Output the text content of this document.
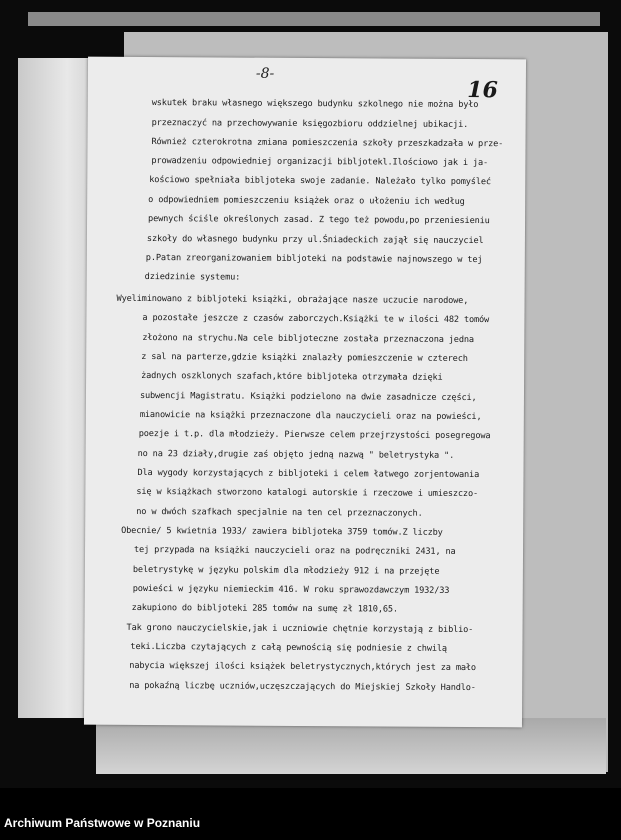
-8-
16
wskutek braku własnego większego budynku szkolnego nie można było
przeznaczyć na przechowywanie księgozbioru oddzielnej ubikacji.
Również czterokrotna zmiana pomieszczenia szkoły przeszkadzała w prze-
prowadzeniu odpowiedniej organizacji bibljotekl.Ilościowo jak i ja-
kościowo spełniała bibljoteka swoje zadanie. Należało tylko pomyśleć
o odpowiedniem pomieszczeniu książek oraz o ułożeniu ich według
pewnych ściśle określonych zasad. Z tego też powodu,po przeniesieniu
szkoły do własnego budynku przy ul.Śniadeckich zajął się nauczyciel
p.Patan zreorganizowaniem bibljoteki na podstawie najnowszego w tej
dziedzinie systemu:
Wyeliminowano z bibljoteki książki, obrażające nasze uczucie narodowe,
a pozostałe jeszcze z czasów zaborczych.Książki te w ilości 482 tomów
złożono na strychu.Na cele bibljoteczne została przeznaczona jedna
z sal na parterze,gdzie książki znalazły pomieszczenie w czterech
żadnych oszklonych szafach,które bibljoteka otrzymała dzięki
subwencji Magistratu. Książki podzielono na dwie zasadnicze części,
mianowicie na książki przeznaczone dla nauczycieli oraz na powieści,
poezje i t.p. dla młodzieży. Pierwsze celem przejrzystości posegregowa
no na 23 działy,drugie zaś objęto jedną nazwą " beletrystyka ".
Dla wygody korzystających z bibljoteki i celem łatwego zorjentowania
się w książkach stworzono katalogi autorskie i rzeczowe i umieszczo-
no w dwóch szafkach specjalnie na ten cel przeznaczonych.
Obecnie/ 5 kwietnia 1933/ zawiera bibljoteka 3759 tomów.Z liczby
tej przypada na książki nauczycieli oraz na podręczniki 2431, na
beletrystykę w języku polskim dla młodzieży 912 i na przejęte
powieści w języku niemieckim 416. W roku sprawozdawczym 1932/33
zakupiono do bibljoteki 285 tomów na sumę zł 1810,65.
Tak grono nauczycielskie,jak i uczniowie chętnie korzystają z biblio-
teki.Liczba czytających z całą pewnością się podniesie z chwilą
nabycia większej ilości książek beletrystycznych,których jest za mało
na pokaźną liczbę uczniów,uczęszczających do Miejskiej Szkoły Handlo-
Archiwum Państwowe w Poznaniu
